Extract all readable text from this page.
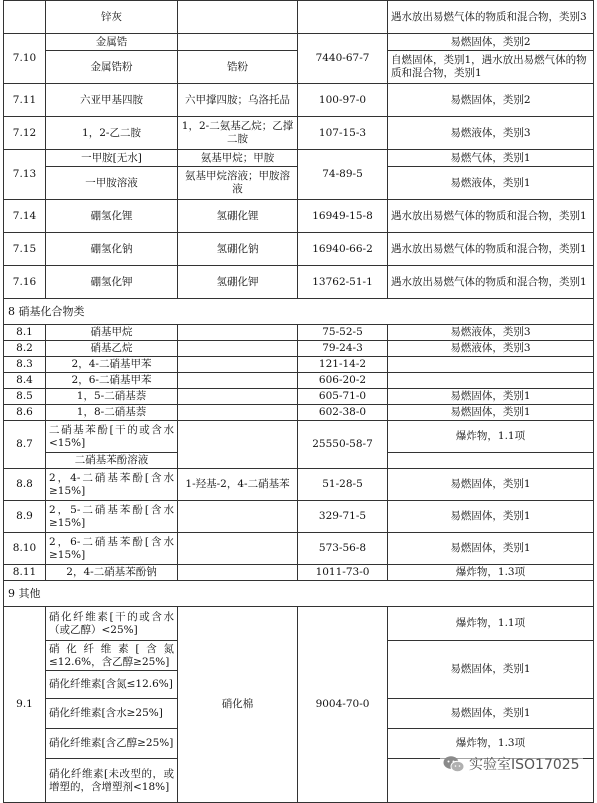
	锌灰			遇水放出易燃气体的物质和混合物，类别3
7.10	金属锆		7440-67-7	易燃固体，类别2
	金属锆粉	锆粉		自燃固体，类别1，遇水放出易燃气体的物质和混合物，类别1
7.11	六亚甲基四胺	六甲撑四胺；乌洛托品	100-97-0	易燃固体，类别2
7.12	1，2-乙二胺	1，2-二氨基乙烷；乙撑二胺	107-15-3	易燃液体，类别3
7.13	一甲胺[无水]	氨基甲烷；甲胺	74-89-5	易燃气体，类别1
	一甲胺溶液	氨基甲烷溶液；甲胺溶液		易燃液体，类别1
7.14	硼氢化锂	氢硼化锂	16949-15-8	遇水放出易燃气体的物质和混合物，类别1
7.15	硼氢化钠	氢硼化钠	16940-66-2	遇水放出易燃气体的物质和混合物，类别1
7.16	硼氢化钾	氢硼化钾	13762-51-1	遇水放出易燃气体的物质和混合物，类别1
8 硝基化合物类				
8.1	硝基甲烷		75-52-5	易燃液体，类别3
8.2	硝基乙烷		79-24-3	易燃液体，类别3
8.3	2，4-二硝基甲苯		121-14-2	
8.4	2，6-二硝基甲苯		606-20-2	
8.5	1，5-二硝基萘		605-71-0	易燃固体，类别1
8.6	1，8-二硝基萘		602-38-0	易燃固体，类别1
8.7	二硝基苯酚[干的或含水<15%]		25550-58-7	爆炸物，1.1项
	二硝基苯酚溶液			
8.8	2，4-二硝基苯酚[含水≥15%]	1-羟基-2，4-二硝基苯	51-28-5	易燃固体，类别1
8.9	2，5-二硝基苯酚[含水≥15%]		329-71-5	易燃固体，类别1
8.10	2，6-二硝基苯酚[含水≥15%]		573-56-8	易燃固体，类别1
8.11	2，4-二硝基苯酚钠		1011-73-0	爆炸物，1.3项
9 其他				
9.1	硝化纤维素[干的或含水（或乙醇）<25%]	硝化棉	9004-70-0	爆炸物，1.1项
	硝化纤维素[含氮≤12.6%，含乙醇≥25%]			易燃固体，类别1
	硝化纤维素[含氮≤12.6%]			
	硝化纤维素[含水≥25%]			易燃固体，类别1
	硝化纤维素[含乙醇≥25%]			爆炸物，1.3项
	硝化纤维素[未改型的，或增塑的，含增塑剂<18%]			
实验室ISO17025
